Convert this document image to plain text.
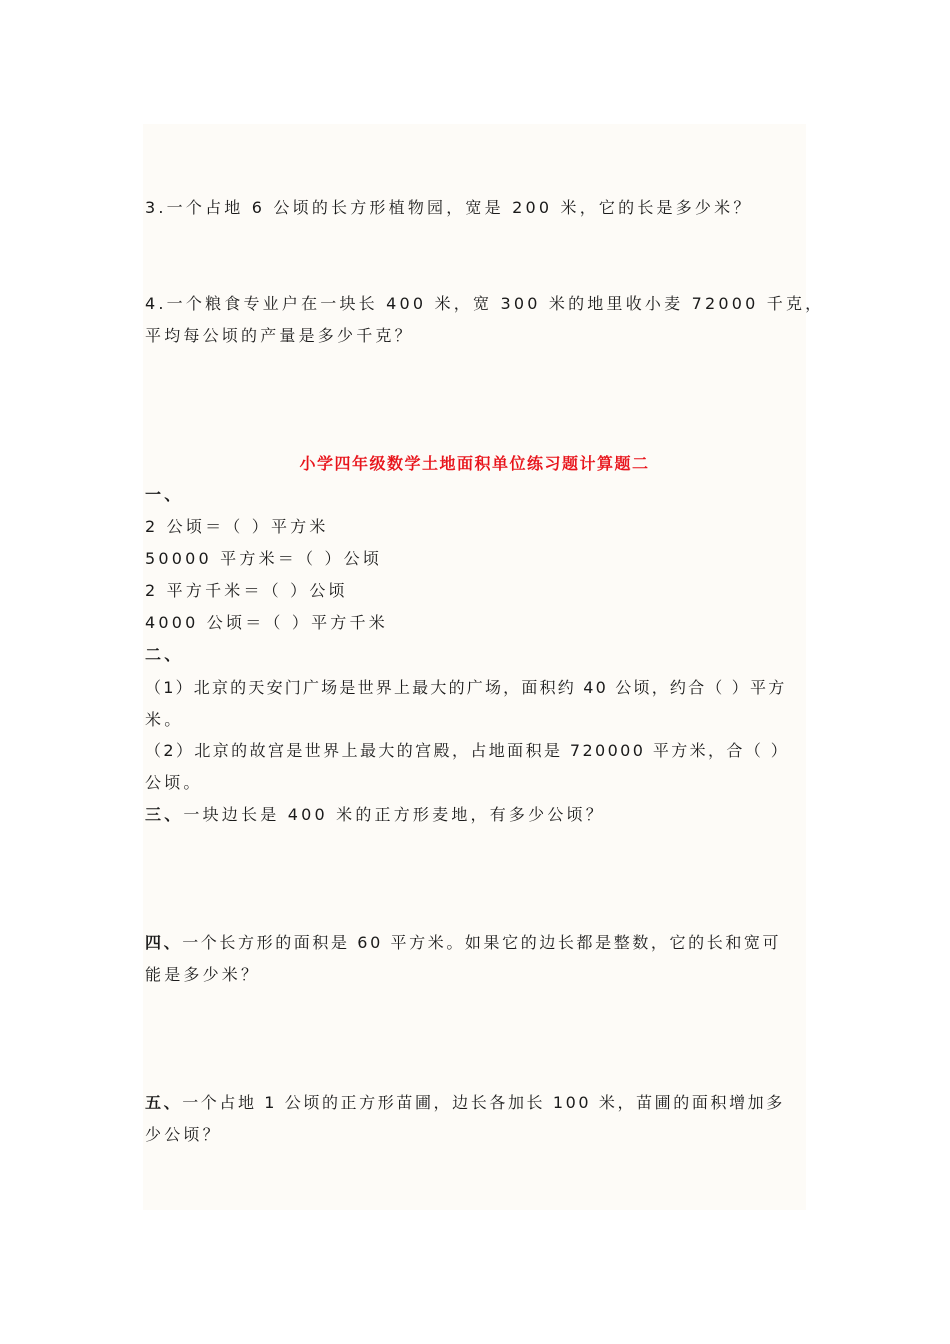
3.一个占地 6 公顷的长方形植物园，宽是 200 米，它的长是多少米？
4.一个粮食专业户在一块长 400 米，宽 300 米的地里收小麦 72000 千克，
平均每公顷的产量是多少千克？
小学四年级数学土地面积单位练习题计算题二
一、
2 公顷＝（ ）平方米
50000 平方米＝（ ）公顷
2 平方千米＝（ ）公顷
4000 公顷＝（ ）平方千米
二、
（1）北京的天安门广场是世界上最大的广场，面积约 40 公顷，约合（ ）平方
米。
（2）北京的故宫是世界上最大的宫殿，占地面积是 720000 平方米，合（ ）
公顷。
三、一块边长是 400 米的正方形麦地，有多少公顷？
四、一个长方形的面积是 60 平方米。如果它的边长都是整数，它的长和宽可
能是多少米？
五、一个占地 1 公顷的正方形苗圃，边长各加长 100 米，苗圃的面积增加多
少公顷？
